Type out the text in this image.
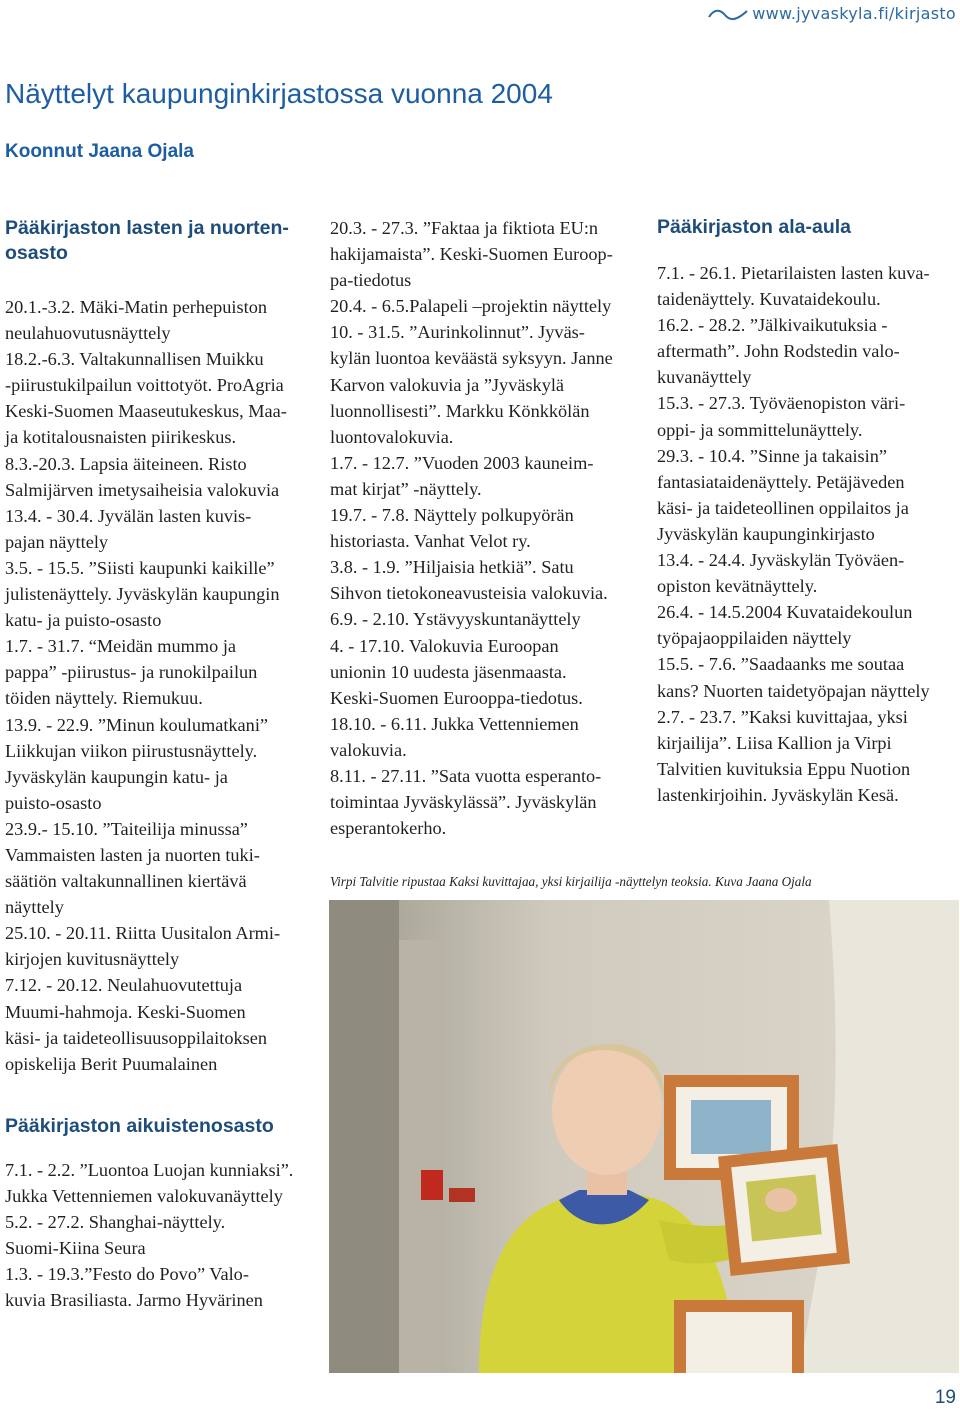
www.jyvaskyla.fi/kirjasto
Näyttelyt kaupunginkirjastossa vuonna 2004
Koonnut Jaana Ojala
Pääkirjaston lasten ja nuorten-
osasto
20.1.-3.2. Mäki-Matin perhepuiston
neulahuovutusnäyttely
18.2.-6.3. Valtakunnallisen Muikku
-piirustukilpailun voittotyöt. ProAgria
Keski-Suomen Maaseutukeskus, Maa-
ja kotitalousnaisten piirikeskus.
8.3.-20.3. Lapsia äiteineen. Risto
Salmijärven imetysaiheisia valokuvia
13.4. - 30.4. Jyvälän lasten kuvis-
pajan näyttely
3.5. - 15.5. ”Siisti kaupunki kaikille”
julistenäyttely. Jyväskylän kaupungin
katu- ja puisto-osasto
1.7. - 31.7. “Meidän mummo ja
pappa” -piirustus- ja runokilpailun
töiden näyttely. Riemukuu.
13.9. - 22.9. ”Minun koulumatkani”
Liikkujan viikon piirustusnäyttely.
Jyväskylän kaupungin katu- ja
puisto-osasto
23.9.- 15.10. ”Taiteilija minussa”
Vammaisten lasten ja nuorten tuki-
säätiön valtakunnallinen kiertävä
näyttely
25.10. - 20.11. Riitta Uusitalon Armi-
kirjojen kuvitusnäyttely
7.12. - 20.12. Neulahuovutettuja
Muumi-hahmoja. Keski-Suomen
käsi- ja taideteollisuusoppilaitoksen
opiskelija Berit Puumalainen
Pääkirjaston aikuistenosasto
7.1. - 2.2. ”Luontoa Luojan kunniaksi”.
Jukka Vettenniemen valokuvanäyttely
5.2. - 27.2. Shanghai-näyttely.
Suomi-Kiina Seura
1.3. - 19.3.”Festo do Povo” Valo-
kuvia Brasiliasta. Jarmo Hyvärinen
20.3. - 27.3. ”Faktaa ja fiktiota EU:n
hakijamaista”. Keski-Suomen Euroop-
pa-tiedotus
20.4. - 6.5.Palapeli –projektin näyttely
10. - 31.5. ”Aurinkolinnut”. Jyväs-
kylän luontoa keväästä syksyyn. Janne
Karvon valokuvia ja ”Jyväskylä
luonnollisesti”. Markku Könkkölän
luontovalokuvia.
1.7. - 12.7. ”Vuoden 2003 kauneim-
mat kirjat” -näyttely.
19.7. - 7.8. Näyttely polkupyörän
historiasta. Vanhat Velot ry.
3.8. - 1.9. ”Hiljaisia hetkiä”. Satu
Sihvon tietokoneavusteisia valokuvia.
6.9. - 2.10. Ystävyyskuntanäyttely
4. - 17.10. Valokuvia Euroopan
unionin 10 uudesta jäsenmaasta.
Keski-Suomen Eurooppa-tiedotus.
18.10. - 6.11. Jukka Vettenniemen
valokuvia.
8.11. - 27.11. ”Sata vuotta esperanto-
toimintaa Jyväskylässä”. Jyväskylän
esperantokerho.
Pääkirjaston ala-aula
7.1. - 26.1. Pietarilaisten lasten kuva-
taidenäyttely. Kuvataidekoulu.
16.2. - 28.2. ”Jälkivaikutuksia -
aftermath”. John Rodstedin valo-
kuvanäyttely
15.3. - 27.3. Työväenopiston väri-
oppi- ja sommittelunäyttely.
29.3. - 10.4. ”Sinne ja takaisin”
fantasiataidenäyttely. Petäjäveden
käsi- ja taideteollinen oppilaitos ja
Jyväskylän kaupunginkirjasto
13.4. - 24.4. Jyväskylän Työväen-
opiston kevätnäyttely.
26.4. - 14.5.2004 Kuvataidekoulun
työpajaoppilaiden näyttely
15.5. - 7.6. ”Saadaanks me soutaa
kans? Nuorten taidetyöpajan näyttely
2.7. - 23.7. ”Kaksi kuvittajaa, yksi
kirjailija”. Liisa Kallion ja Virpi
Talvitien kuvituksia Eppu Nuotion
lastenkirjoihin. Jyväskylän Kesä.
Virpi Talvitie ripustaa Kaksi kuvittajaa, yksi kirjailija -näyttelyn teoksia. Kuva Jaana Ojala
19
